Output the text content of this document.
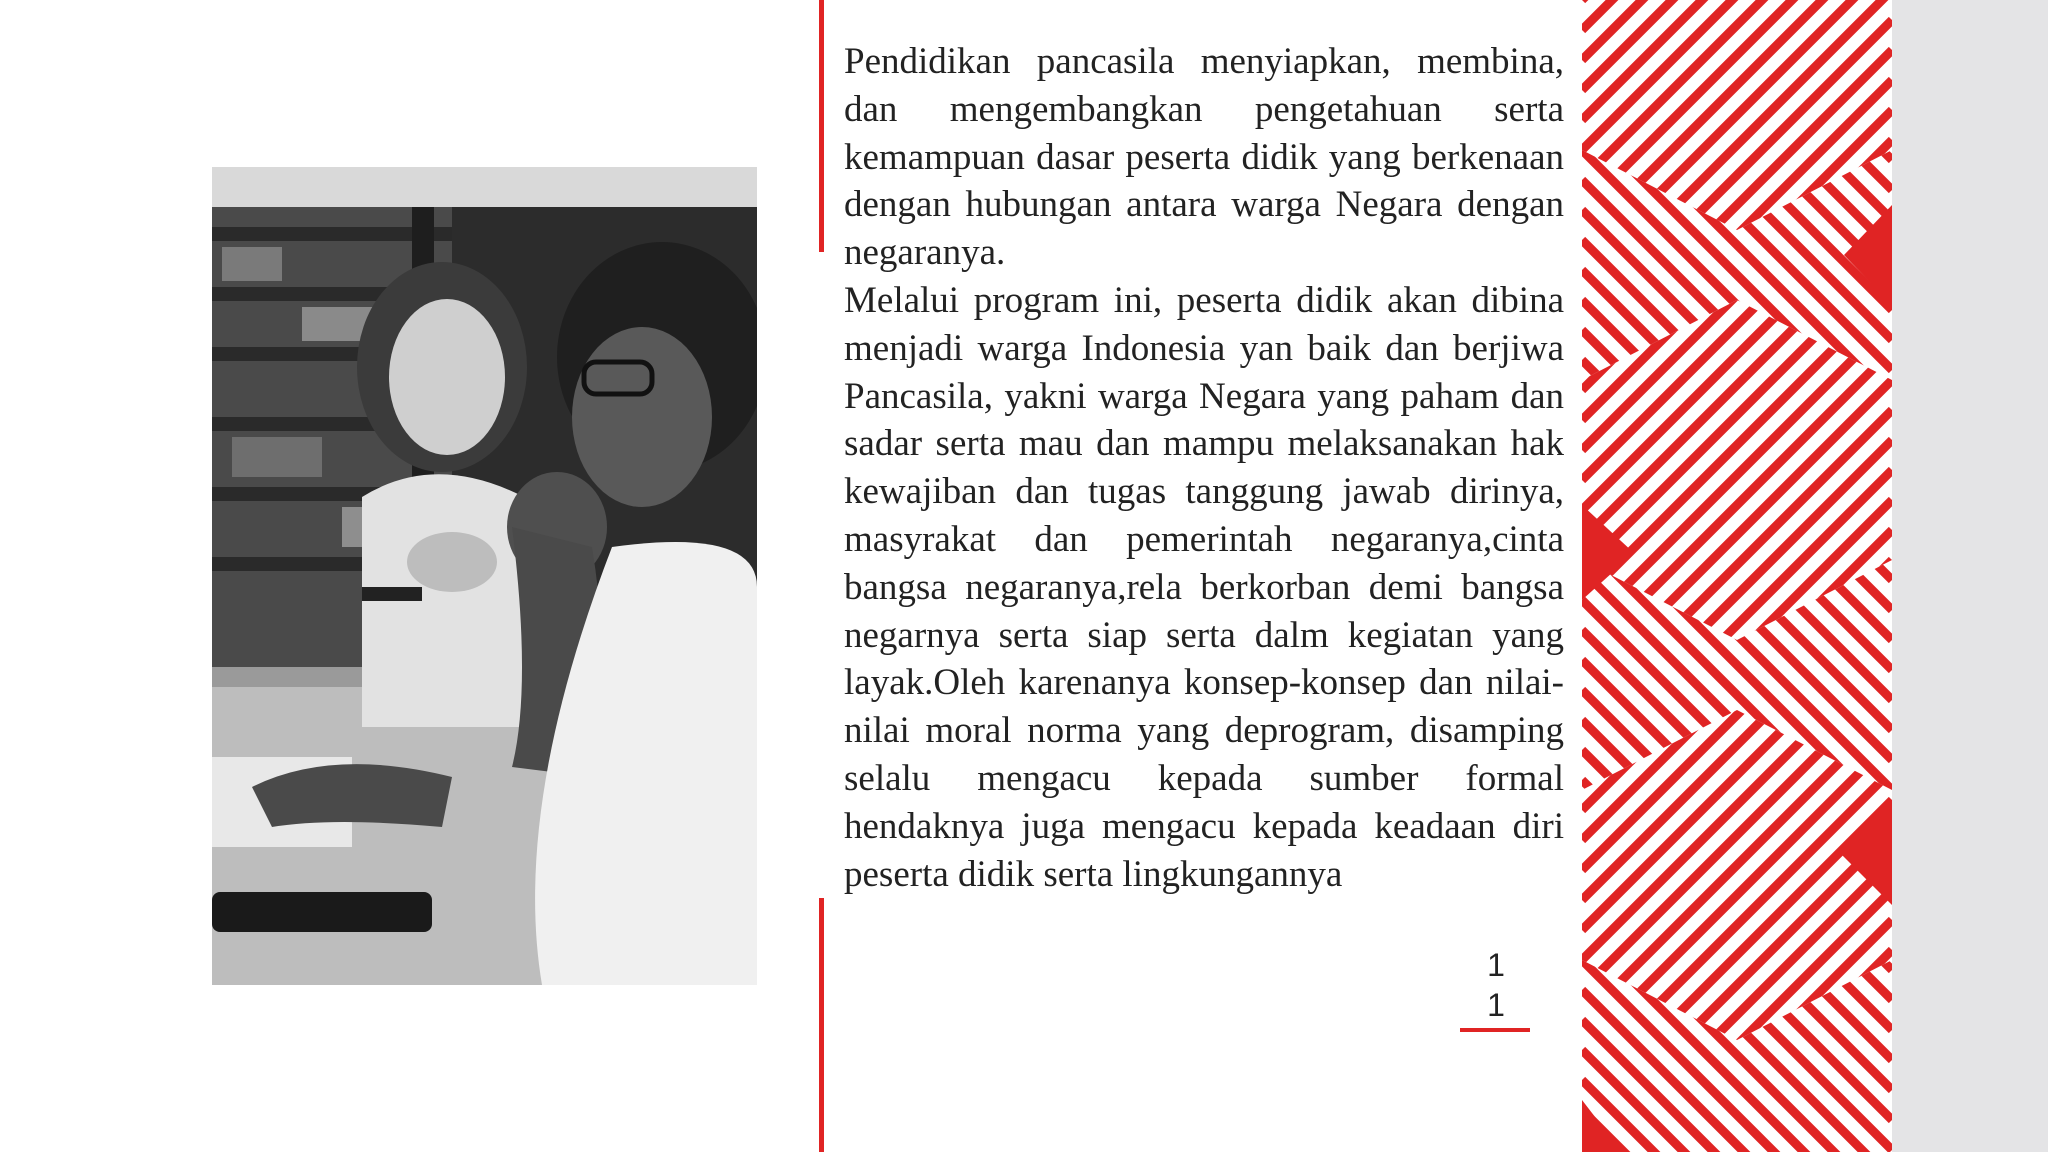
Pendidikan pancasila menyiapkan, membina, dan mengembangkan pengetahuan serta kemampuan dasar peserta didik yang berkenaan dengan hubungan antara warga Negara dengan negaranya.

Melalui program ini, peserta didik akan dibina menjadi warga Indonesia yan baik dan berjiwa Pancasila, yakni warga Negara yang paham dan sadar serta mau dan mampu melaksanakan hak kewajiban dan tugas tanggung jawab dirinya, masyrakat dan pemerintah negaranya,cinta bangsa negaranya,rela berkorban demi bangsa negarnya serta siap serta dalm kegiatan yang layak.Oleh karenanya konsep-konsep dan nilai-nilai moral norma yang deprogram, disamping selalu mengacu kepada sumber formal hendaknya juga mengacu kepada keadaan diri peserta didik serta lingkungannya

1
1
